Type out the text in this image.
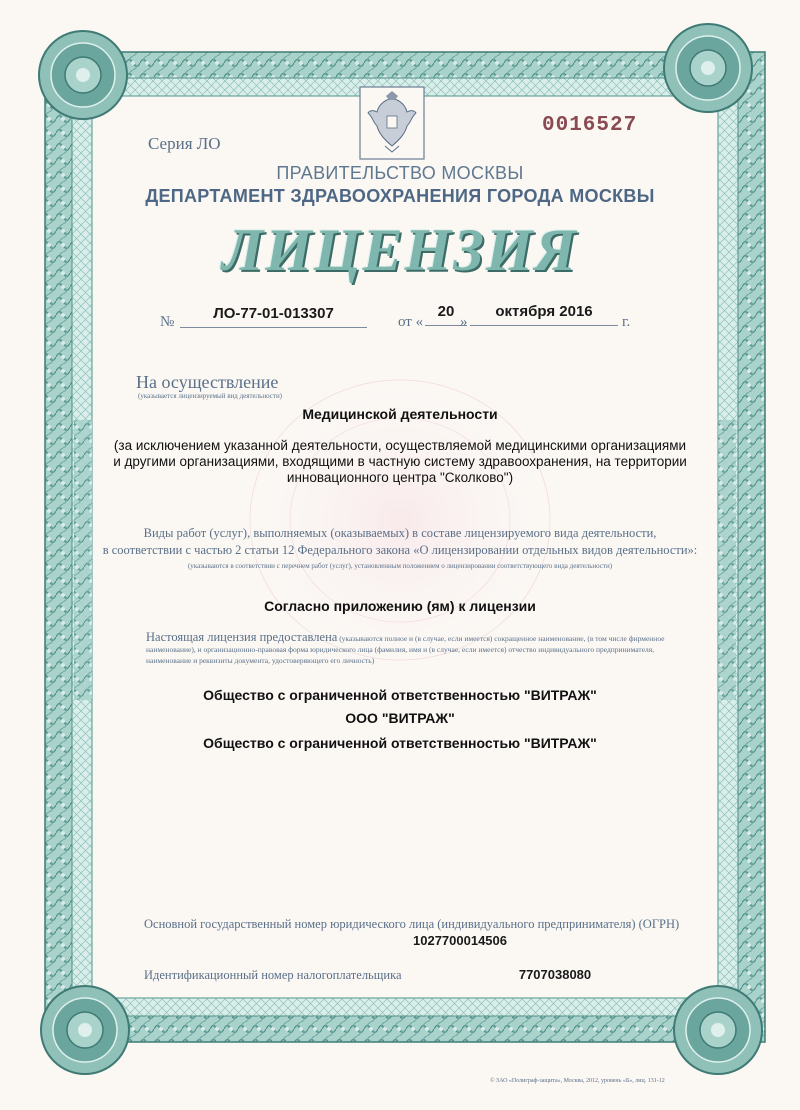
Серия ЛО
0016527
ПРАВИТЕЛЬСТВО МОСКВЫ
ДЕПАРТАМЕНТ ЗДРАВООХРАНЕНИЯ ГОРОДА МОСКВЫ
ЛИЦЕНЗИЯ
№	ЛО-77-01-013307	от «
20
»
октября 2016
г.
На осуществление
(указывается лицензируемый вид деятельности)
Медицинской деятельности
(за исключением указанной деятельности, осуществляемой медицинскими организациями и другими организациями, входящими в частную систему здравоохранения, на территории инновационного центра "Сколково")
Виды работ (услуг), выполняемых (оказываемых) в составе лицензируемого вида деятельности,
в соответствии с частью 2 статьи 12 Федерального закона «О лицензировании отдельных видов деятельности»:
(указываются в соответствии с перечнем работ (услуг), установленным положением о лицензировании соответствующего вида деятельности)
Согласно приложению (ям) к лицензии
Настоящая лицензия предоставлена (указываются полное и (в случае, если имеется) сокращенное наименование, (в том числе фирменное наименование), и организационно-правовая форма юридического лица (фамилия, имя и (в случае, если имеется) отчество индивидуального предпринимателя, наименование и реквизиты документа, удостоверяющего его личность)
Общество с ограниченной ответственностью "ВИТРАЖ"
ООО "ВИТРАЖ"
Общество с ограниченной ответственностью "ВИТРАЖ"
Основной государственный номер юридического лица (индивидуального предпринимателя) (ОГРН)
1027700014506
Идентификационный номер налогоплательщика	7707038080
© ЗАО «Полиграф-защита», Москва, 2012, уровень «Б», лиц. 131-12
